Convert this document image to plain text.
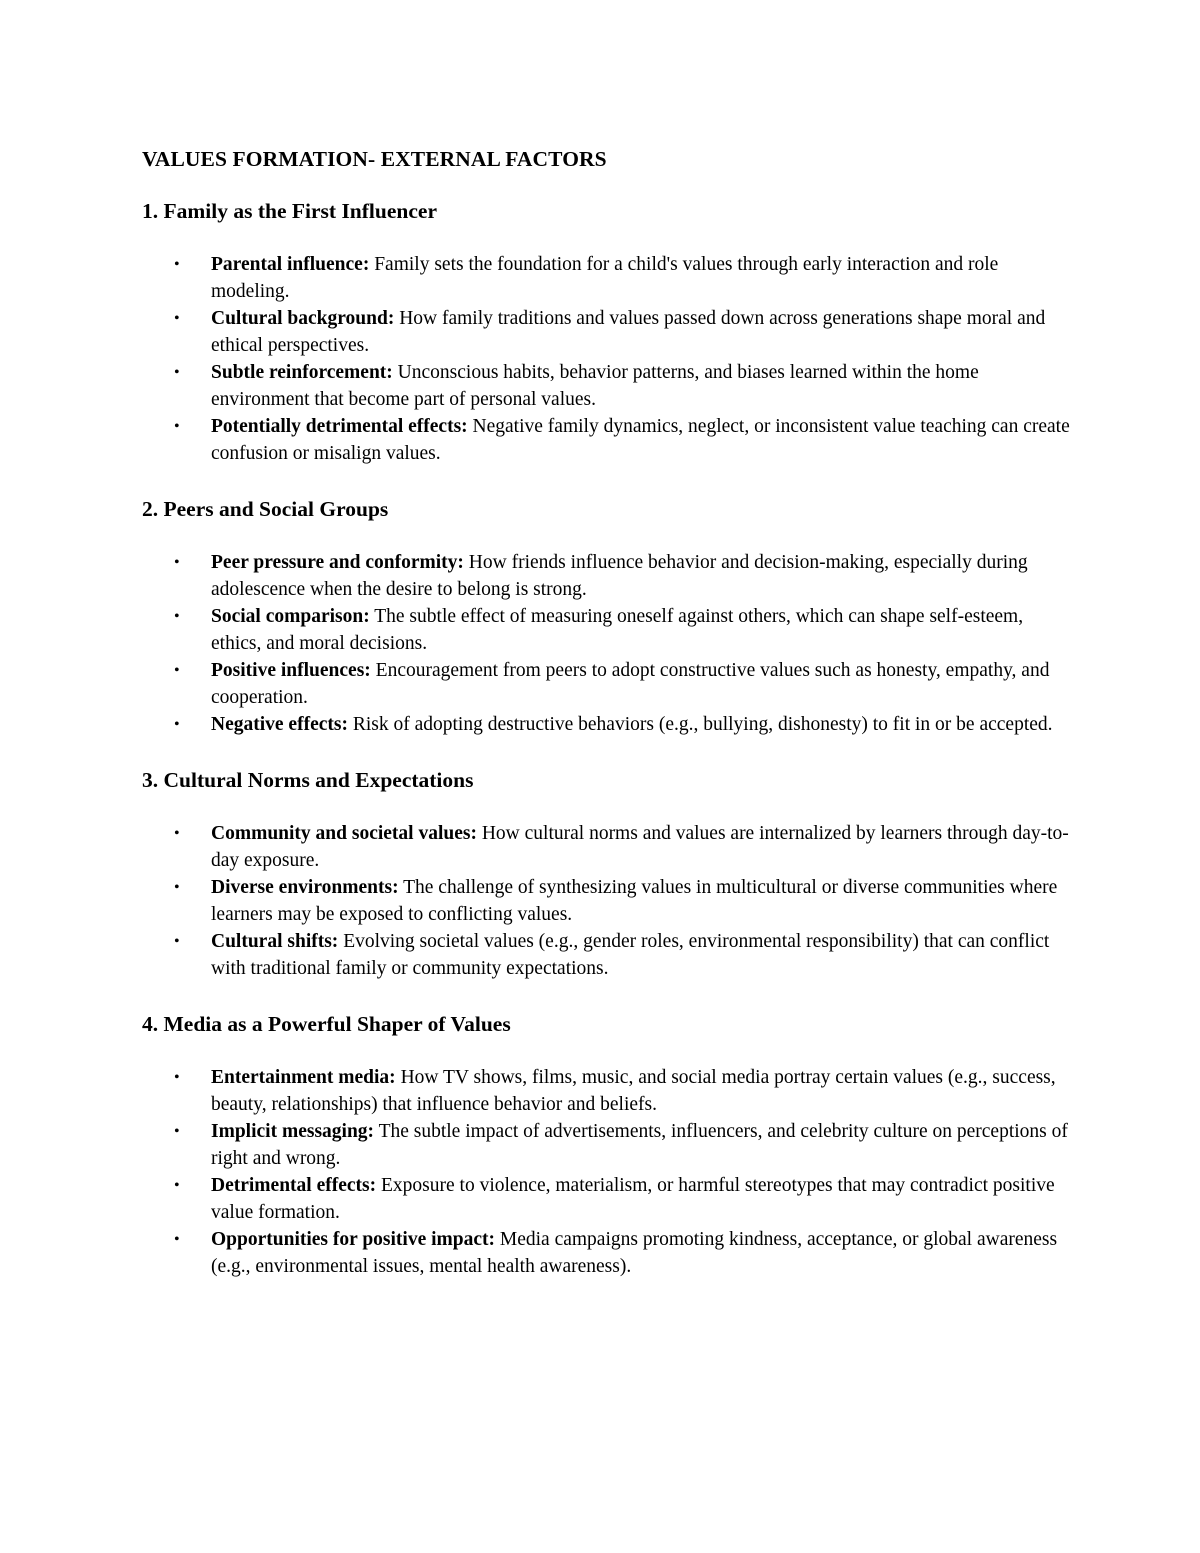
VALUES FORMATION- EXTERNAL FACTORS
1. Family as the First Influencer
• Parental influence: Family sets the foundation for a child's values through early interaction and role modeling.
• Cultural background: How family traditions and values passed down across generations shape moral and ethical perspectives.
• Subtle reinforcement: Unconscious habits, behavior patterns, and biases learned within the home environment that become part of personal values.
• Potentially detrimental effects: Negative family dynamics, neglect, or inconsistent value teaching can create confusion or misalign values.
2. Peers and Social Groups
• Peer pressure and conformity: How friends influence behavior and decision-making, especially during adolescence when the desire to belong is strong.
• Social comparison: The subtle effect of measuring oneself against others, which can shape self-esteem, ethics, and moral decisions.
• Positive influences: Encouragement from peers to adopt constructive values such as honesty, empathy, and cooperation.
• Negative effects: Risk of adopting destructive behaviors (e.g., bullying, dishonesty) to fit in or be accepted.
3. Cultural Norms and Expectations
• Community and societal values: How cultural norms and values are internalized by learners through day-to-day exposure.
• Diverse environments: The challenge of synthesizing values in multicultural or diverse communities where learners may be exposed to conflicting values.
• Cultural shifts: Evolving societal values (e.g., gender roles, environmental responsibility) that can conflict with traditional family or community expectations.
4. Media as a Powerful Shaper of Values
• Entertainment media: How TV shows, films, music, and social media portray certain values (e.g., success, beauty, relationships) that influence behavior and beliefs.
• Implicit messaging: The subtle impact of advertisements, influencers, and celebrity culture on perceptions of right and wrong.
• Detrimental effects: Exposure to violence, materialism, or harmful stereotypes that may contradict positive value formation.
• Opportunities for positive impact: Media campaigns promoting kindness, acceptance, or global awareness (e.g., environmental issues, mental health awareness).
